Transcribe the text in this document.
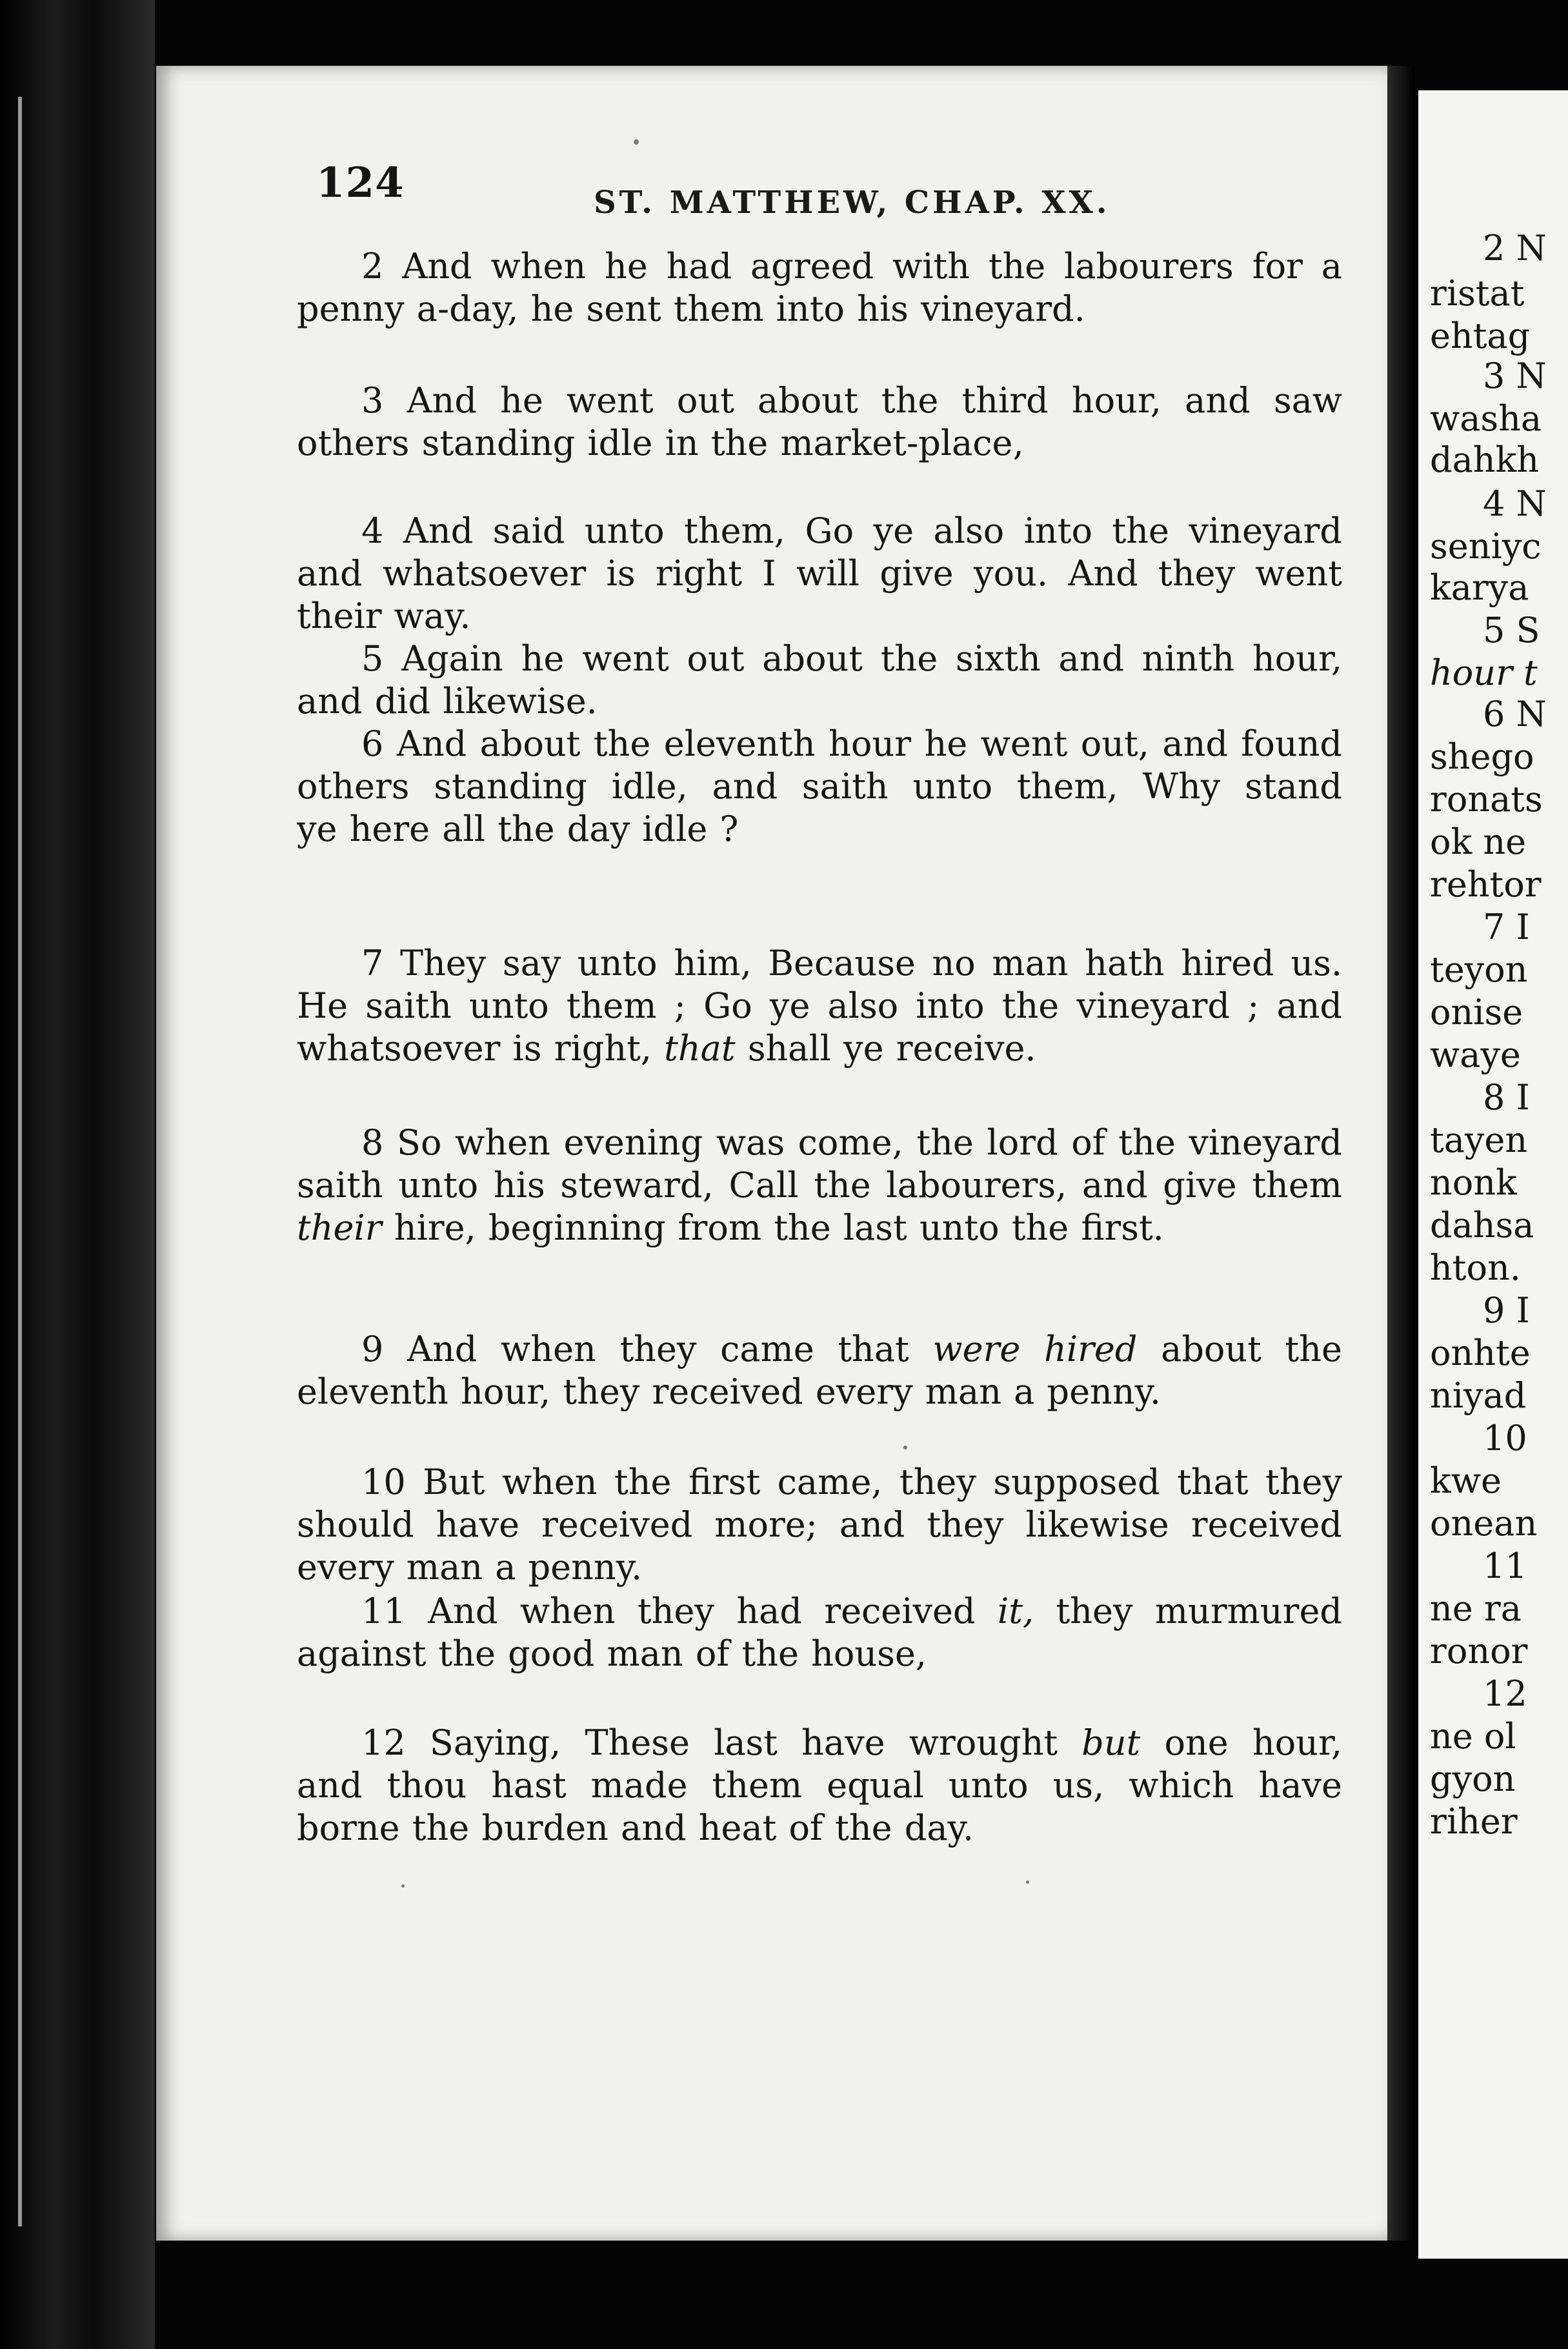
124	ST. MATTHEW, CHAP. XX.
2 And when he had agreed with the labourers for a
penny a-day, he sent them into his vineyard.
3 And he went out about the third hour, and saw
others standing idle in the market-place,
4 And said unto them, Go ye also into the vineyard
and whatsoever is right I will give you. And they went
their way.
5 Again he went out about the sixth and ninth hour,
and did likewise.
6 And about the eleventh hour he went out, and found
others standing idle, and saith unto them, Why stand
ye here all the day idle ?
7 They say unto him, Because no man hath hired us.
He saith unto them ; Go ye also into the vineyard ; and
whatsoever is right, that shall ye receive.
8 So when evening was come, the lord of the vineyard
saith unto his steward, Call the labourers, and give them
their hire, beginning from the last unto the first.
9 And when they came that were hired about the
eleventh hour, they received every man a penny.
10 But when the first came, they supposed that they
should have received more; and they likewise received
every man a penny.
11 And when they had received it, they murmured
against the good man of the house,
12 Saying, These last have wrought but one hour,
and thou hast made them equal unto us, which have
borne the burden and heat of the day.
2 N
ristat
ehtag
3 N
washa
dahkh
4 N
seniyc
karya
5 S
hour t
6 N
shego
ronats
ok ne
rehtor
7 I
teyon
onise
waye
8 I
tayen
nonk
dahsa
hton.
9 I
onhte
niyad
10
kwe
onean
11
ne ra
ronor
12
ne ol
gyon
riher
